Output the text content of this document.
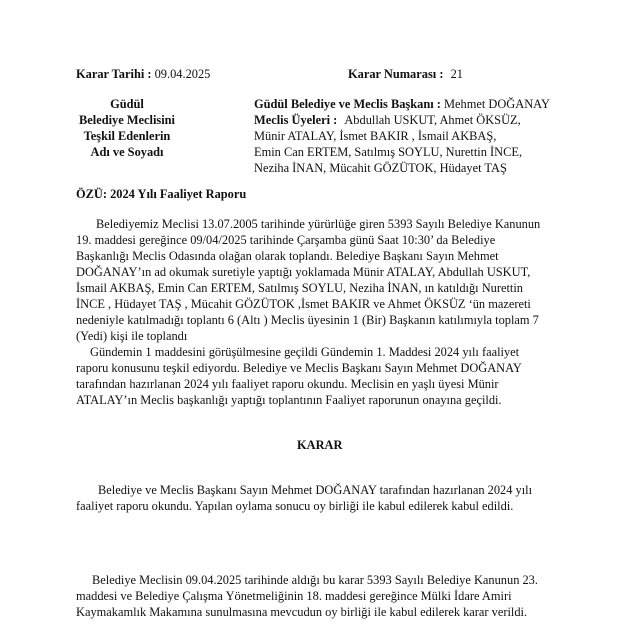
Karar Tarihi : 09.04.2025	Karar Numarası : 21
Güdül
Belediye Meclisini
Teşkil Edenlerin
Adı ve Soyadı
Güdül Belediye ve Meclis Başkanı : Mehmet DOĞANAY
Meclis Üyeleri : Abdullah USKUT, Ahmet ÖKSÜZ,
Münir ATALAY, İsmet BAKIR , İsmail AKBAŞ,
Emin Can ERTEM, Satılmış SOYLU, Nurettin İNCE,
Neziha İNAN, Mücahit GÖZÜTOK, Hüdayet TAŞ
ÖZÜ: 2024 Yılı Faaliyet Raporu
Belediyemiz Meclisi 13.07.2005 tarihinde yürürlüğe giren 5393 Sayılı Belediye Kanunun
19. maddesi gereğince 09/04/2025 tarihinde Çarşamba günü Saat 10:30’ da Belediye
Başkanlığı Meclis Odasında olağan olarak toplandı. Belediye Başkanı Sayın Mehmet
DOĞANAY’ın ad okumak suretiyle yaptığı yoklamada Münir ATALAY, Abdullah USKUT,
İsmail AKBAŞ, Emin Can ERTEM, Satılmış SOYLU, Neziha İNAN, ın katıldığı Nurettin
İNCE , Hüdayet TAŞ , Mücahit GÖZÜTOK ,İsmet BAKIR ve Ahmet ÖKSÜZ ‘ün mazereti
nedeniyle katılmadığı toplantı 6 (Altı ) Meclis üyesinin 1 (Bir) Başkanın katılımıyla toplam 7
(Yedi) kişi ile toplandı
Gündemin 1 maddesini görüşülmesine geçildi Gündemin 1. Maddesi 2024 yılı faaliyet
raporu konusunu teşkil ediyordu. Belediye ve Meclis Başkanı Sayın Mehmet DOĞANAY
tarafından hazırlanan 2024 yılı faaliyet raporu okundu. Meclisin en yaşlı üyesi Münir
ATALAY’ın Meclis başkanlığı yaptığı toplantının Faaliyet raporunun onayına geçildi.
KARAR
Belediye ve Meclis Başkanı Sayın Mehmet DOĞANAY tarafından hazırlanan 2024 yılı
faaliyet raporu okundu. Yapılan oylama sonucu oy birliği ile kabul edilerek kabul edildi.
Belediye Meclisin 09.04.2025 tarihinde aldığı bu karar 5393 Sayılı Belediye Kanunun 23.
maddesi ve Belediye Çalışma Yönetmeliğinin 18. maddesi gereğince Mülki İdare Amiri
Kaymakamlık Makamına sunulmasına mevcudun oy birliği ile kabul edilerek karar verildi.
